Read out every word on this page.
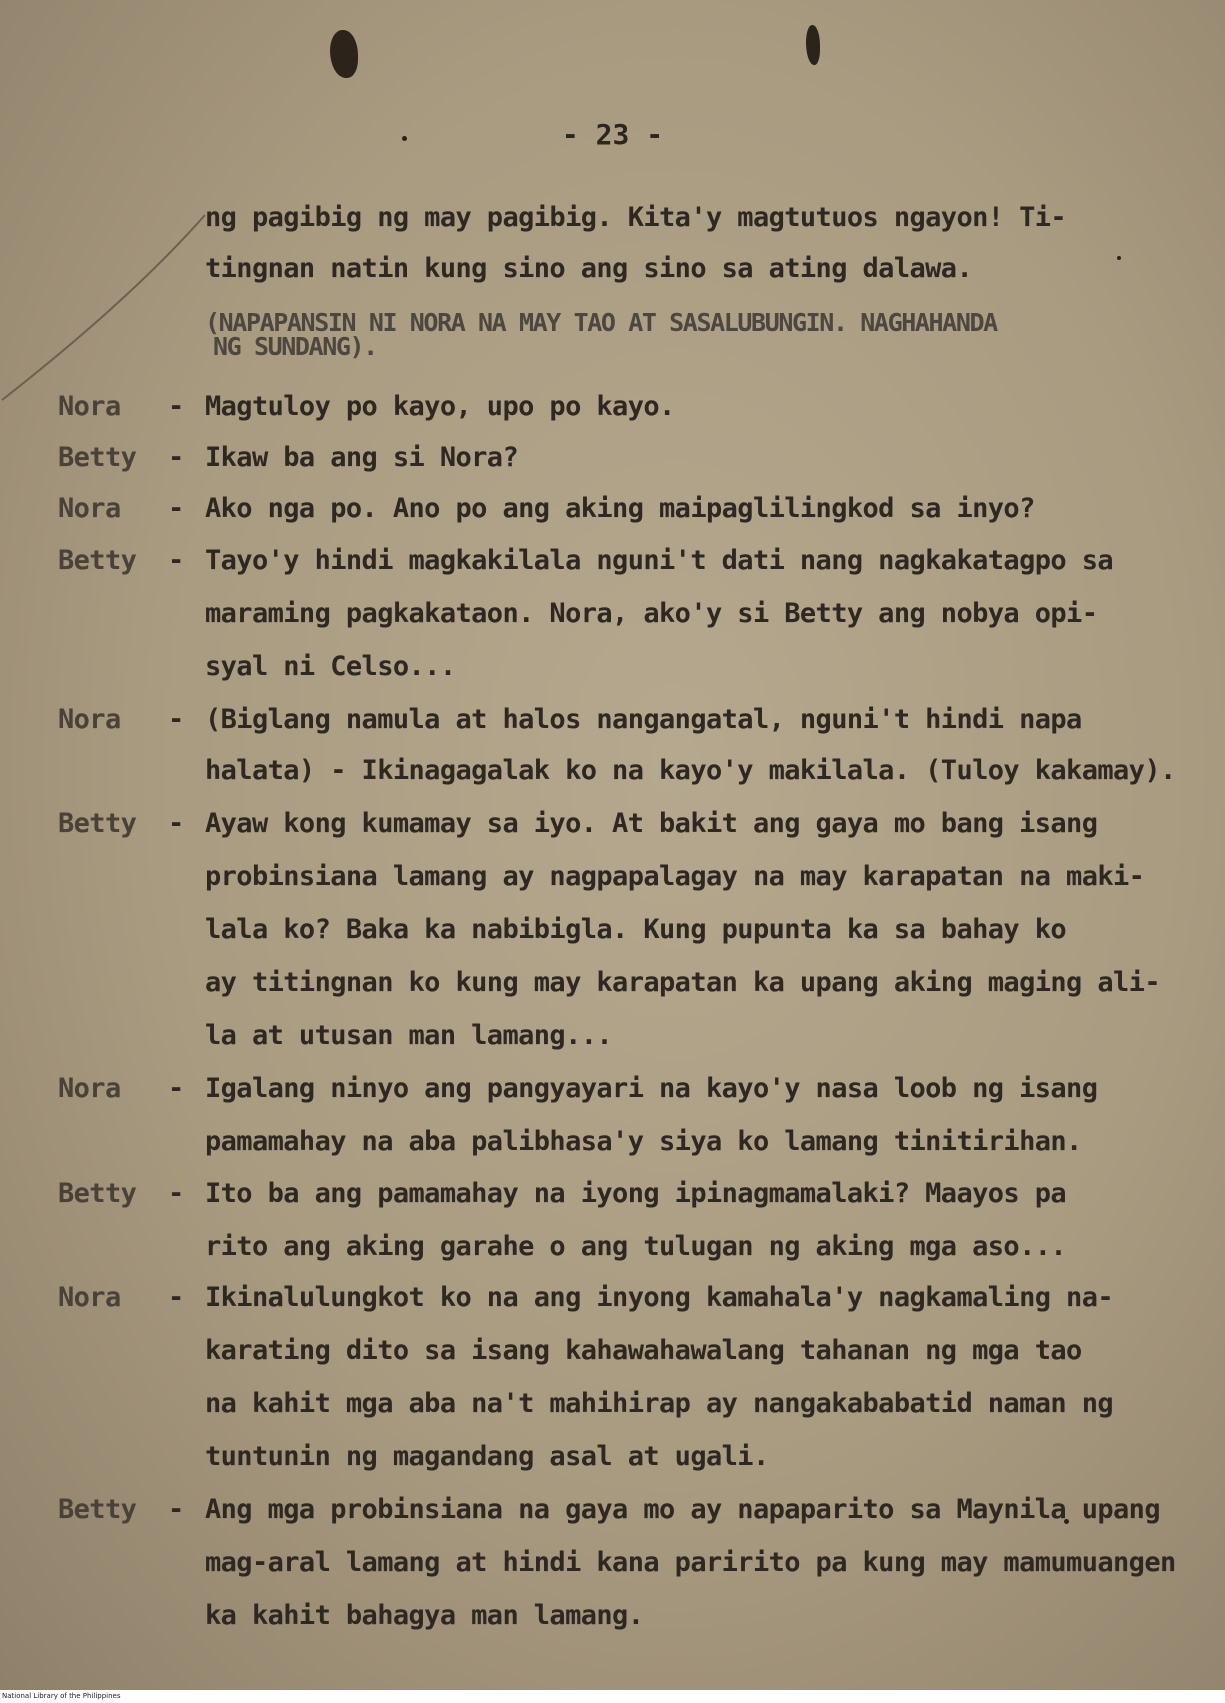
- 23 -
ng pagibig ng may pagibig. Kita'y magtutuos ngayon! Ti-
tingnan natin kung sino ang sino sa ating dalawa.
(NAPAPANSIN NI NORA NA MAY TAO AT SASALUBUNGIN. NAGHAHANDA
NG SUNDANG).
Nora - Magtuloy po kayo, upo po kayo.
Betty - Ikaw ba ang si Nora?
Nora - Ako nga po. Ano po ang aking maipaglilingkod sa inyo?
Betty - Tayo'y hindi magkakilala nguni't dati nang nagkakatagpo sa
maraming pagkakataon. Nora, ako'y si Betty ang nobya opi-
syal ni Celso...
Nora - (Biglang namula at halos nangangatal, nguni't hindi napa
halata) - Ikinagagalak ko na kayo'y makilala. (Tuloy kakamay).
Betty - Ayaw kong kumamay sa iyo. At bakit ang gaya mo bang isang
probinsiana lamang ay nagpapalagay na may karapatan na maki-
lala ko? Baka ka nabibigla. Kung pupunta ka sa bahay ko
ay titingnan ko kung may karapatan ka upang aking maging ali-
la at utusan man lamang...
Nora - Igalang ninyo ang pangyayari na kayo'y nasa loob ng isang
pamamahay na aba palibhasa'y siya ko lamang tinitirihan.
Betty - Ito ba ang pamamahay na iyong ipinagmamalaki? Maayos pa
rito ang aking garahe o ang tulugan ng aking mga aso...
Nora - Ikinalulungkot ko na ang inyong kamahala'y nagkamaling na-
karating dito sa isang kahawahawalang tahanan ng mga tao
na kahit mga aba na't mahihirap ay nangakababatid naman ng
tuntunin ng magandang asal at ugali.
Betty - Ang mga probinsiana na gaya mo ay napaparito sa Maynila upang
mag-aral lamang at hindi kana paririto pa kung may mamumuangen
ka kahit bahagya man lamang.
National Library of the Philippines
